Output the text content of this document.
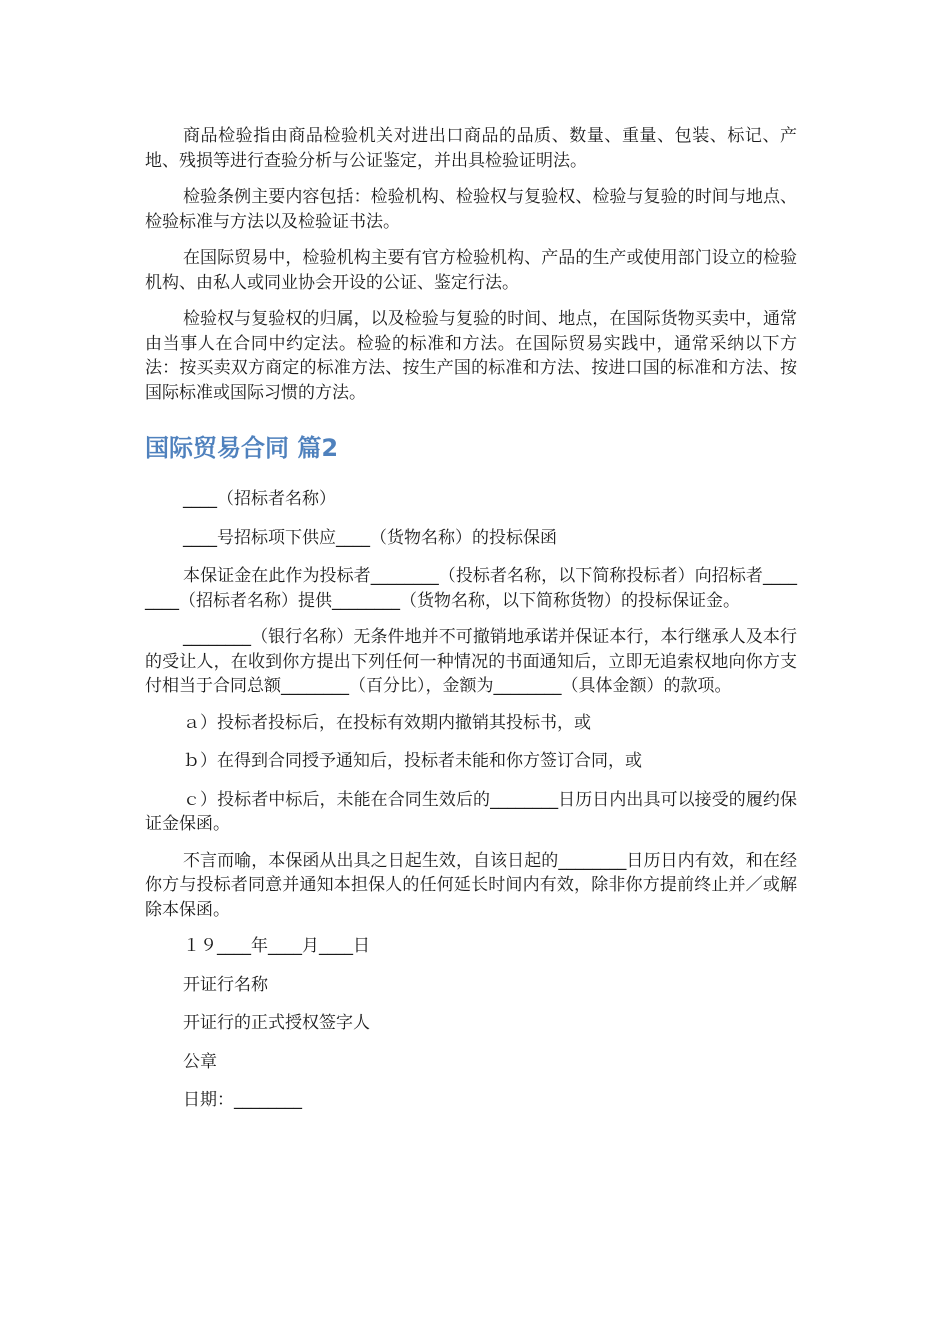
商品检验指由商品检验机关对进出口商品的品质、数量、重量、包装、标记、产地、残损等进行查验分析与公证鉴定，并出具检验证明法。

检验条例主要内容包括：检验机构、检验权与复验权、检验与复验的时间与地点、检验标准与方法以及检验证书法。

在国际贸易中，检验机构主要有官方检验机构、产品的生产或使用部门设立的检验机构、由私人或同业协会开设的公证、鉴定行法。

检验权与复验权的归属，以及检验与复验的时间、地点，在国际货物买卖中，通常由当事人在合同中约定法。检验的标准和方法。在国际贸易实践中，通常采纳以下方法：按买卖双方商定的标准方法、按生产国的标准和方法、按进口国的标准和方法、按国际标准或国际习惯的方法。

国际贸易合同 篇2

____（招标者名称）

____号招标项下供应____（货物名称）的投标保函

本保证金在此作为投标者________（投标者名称，以下简称投标者）向招标者________（招标者名称）提供________（货物名称，以下简称货物）的投标保证金。

________（银行名称）无条件地并不可撤销地承诺并保证本行，本行继承人及本行的受让人，在收到你方提出下列任何一种情况的书面通知后，立即无追索权地向你方支付相当于合同总额________（百分比），金额为________（具体金额）的款项。

ａ）投标者投标后，在投标有效期内撤销其投标书，或

ｂ）在得到合同授予通知后，投标者未能和你方签订合同，或

ｃ）投标者中标后，未能在合同生效后的________日历日内出具可以接受的履约保证金保函。

不言而喻，本保函从出具之日起生效，自该日起的________日历日内有效，和在经你方与投标者同意并通知本担保人的任何延长时间内有效，除非你方提前终止并／或解除本保函。

１９____年____月____日

开证行名称

开证行的正式授权签字人

公章

日期：________
